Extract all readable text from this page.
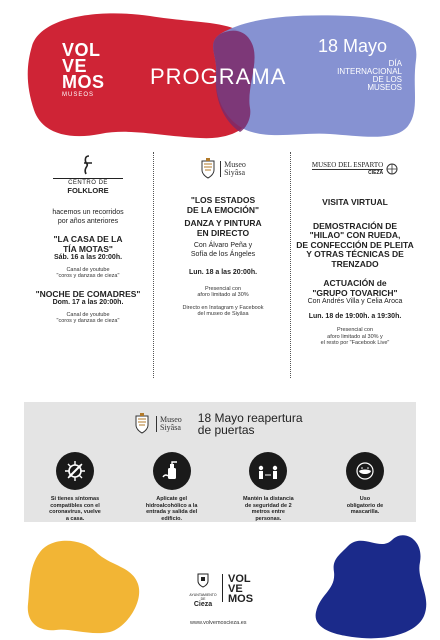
VOL
VE
MOS
MUSEOS
PROGRAMA
18 Mayo
DÍA
INTERNACIONAL
DE LOS
MUSEOS
CENTRO DE
FOLKLORE
hacemos un recorridos
por años anteriores
"LA CASA DE LA
TÍA MOTAS"
Sáb. 16 a las 20:00h.
Canal de youtube
"coros y danzas de cieza"
"NOCHE DE COMADRES"
Dom. 17 a las 20:00h.
Canal de youtube
"coros y danzas de cieza"
Museo
Siyâsa
"LOS ESTADOS
DE LA EMOCIÓN"
DANZA Y PINTURA
EN DIRECTO
Con Álvaro Peña y
Sofía de los Ángeles
Lun. 18 a las 20:00h.
Presencial con
aforo limitado al 30%
Directo en Instagram y Facebook
del museo de Siyâsa
MUSEO DEL ESPARTO
CIEZA
VISITA VIRTUAL
DEMOSTRACIÓN DE
"HILAO" CON RUEDA,
DE CONFECCIÓN DE PLEITA
Y OTRAS TÉCNICAS DE
TRENZADO
ACTUACIÓN de
"GRUPO TOVARICH"
Con Andrés Villa y Celia Aroca
Lun. 18 de 19:00h. a 19:30h.
Presencial con
aforo limitado al 30% y
el resto por "Facebook Live"
Museo
Siyâsa
18 Mayo reapertura
de puertas
Si tienes síntomas
compatibles con el
coronavirus, vuelve
a casa.
Aplicate gel
hidroalcohólico a la
entrada y salida del
edificio.
Mantén la distancia
de seguridad de 2
metros entre
personas.
Uso
obligatorio de
mascarilla.
AYUNTAMIENTO DE
Cieza
VOL
VE
MOS
www.volvemoscieza.es
